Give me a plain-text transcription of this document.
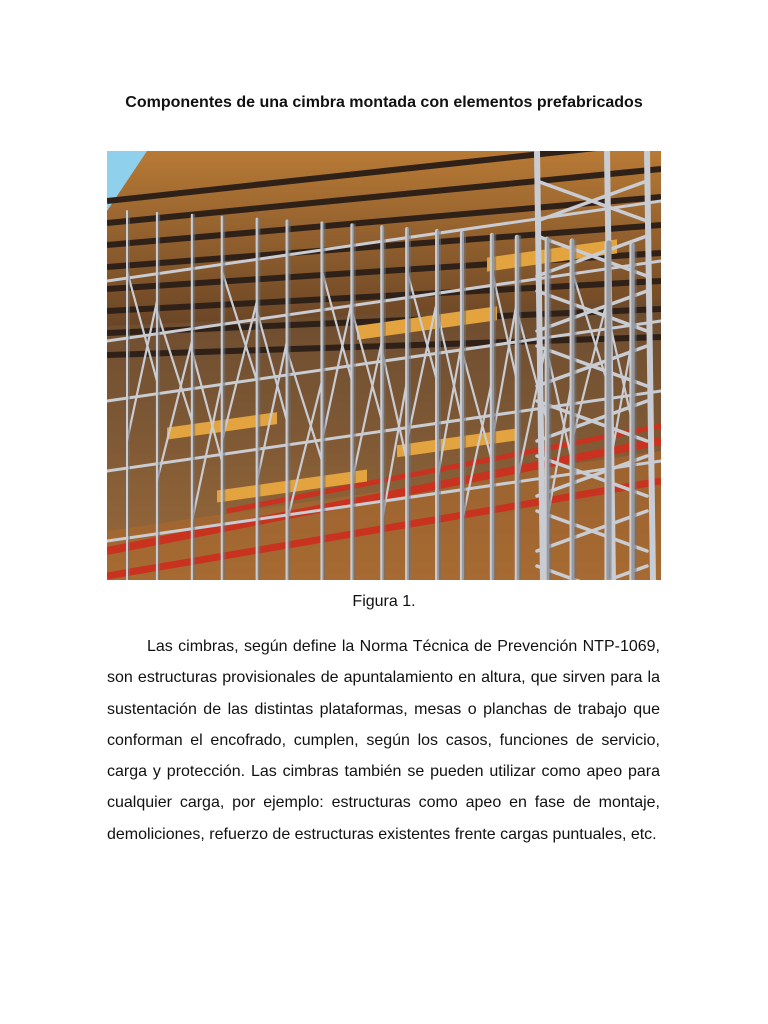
Componentes de una cimbra montada con elementos prefabricados
Figura 1.

Las cimbras, según define la Norma Técnica de Prevención NTP-1069, son estructuras provisionales de apuntalamiento en altura, que sirven para la sustentación de las distintas plataformas, mesas o planchas de trabajo que conforman el encofrado, cumplen, según los casos, funciones de servicio, carga y protección. Las cimbras también se pueden utilizar como apeo para cualquier carga, por ejemplo: estructuras como apeo en fase de montaje, demoliciones, refuerzo de estructuras existentes frente cargas puntuales, etc.
